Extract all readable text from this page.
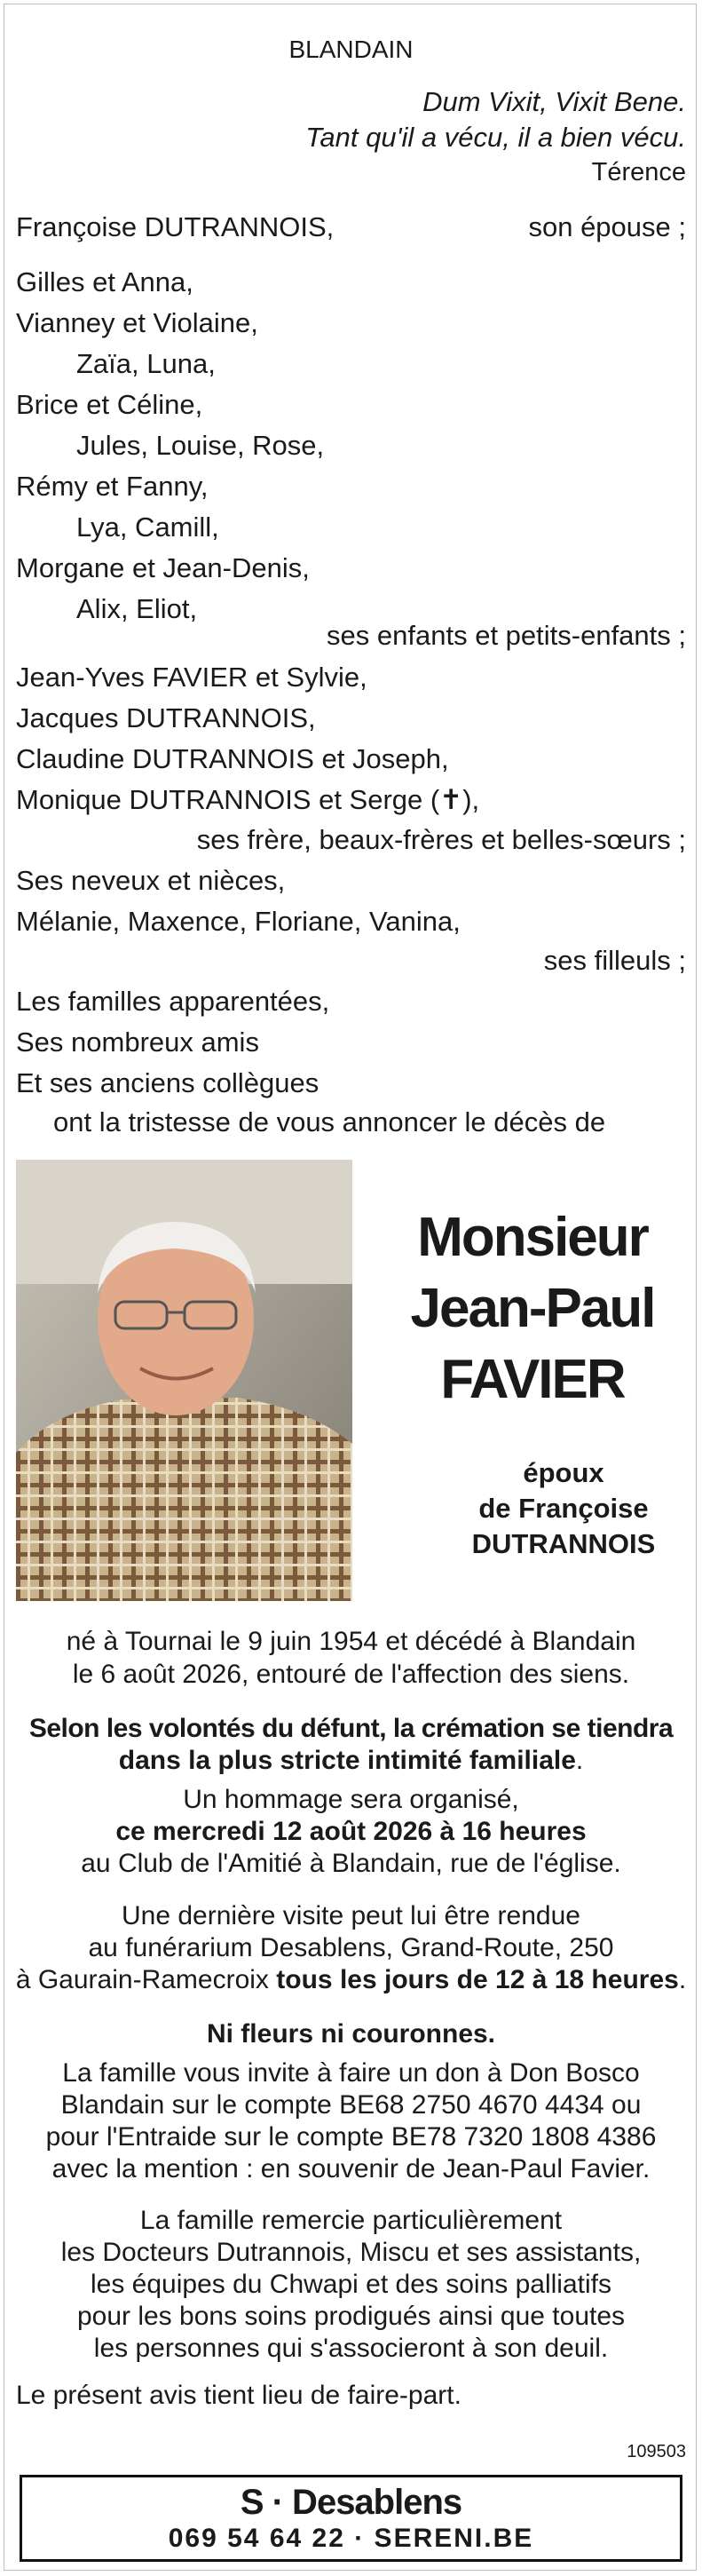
BLANDAIN
Dum Vixit, Vixit Bene.
Tant qu'il a vécu, il a bien vécu.
Térence
Françoise DUTRANNOIS,	son épouse ;
Gilles et Anna,
Vianney et Violaine,
Zaïa, Luna,
Brice et Céline,
Jules, Louise, Rose,
Rémy et Fanny,
Lya, Camill,
Morgane et Jean-Denis,
Alix, Eliot,
ses enfants et petits-enfants ;
Jean-Yves FAVIER et Sylvie,
Jacques DUTRANNOIS,
Claudine DUTRANNOIS et Joseph,
Monique DUTRANNOIS et Serge (✝),
ses frère, beaux-frères et belles-sœurs ;
Ses neveux et nièces,
Mélanie, Maxence, Floriane, Vanina,
ses filleuls ;
Les familles apparentées,
Ses nombreux amis
Et ses anciens collègues
ont la tristesse de vous annoncer le décès de
Monsieur
Jean-Paul
FAVIER
époux
de Françoise
DUTRANNOIS
né à Tournai le 9 juin 1954 et décédé à Blandain
le 6 août 2026, entouré de l'affection des siens.
Selon les volontés du défunt, la crémation se tiendra
dans la plus stricte intimité familiale.
Un hommage sera organisé,
ce mercredi 12 août 2026 à 16 heures
au Club de l'Amitié à Blandain, rue de l'église.
Une dernière visite peut lui être rendue
au funérarium Desablens, Grand-Route, 250
à Gaurain-Ramecroix tous les jours de 12 à 18 heures.
Ni fleurs ni couronnes.
La famille vous invite à faire un don à Don Bosco
Blandain sur le compte BE68 2750 4670 4434 ou
pour l'Entraide sur le compte BE78 7320 1808 4386
avec la mention : en souvenir de Jean-Paul Favier.
La famille remercie particulièrement
les Docteurs Dutrannois, Miscu et ses assistants,
les équipes du Chwapi et des soins palliatifs
pour les bons soins prodigués ainsi que toutes
les personnes qui s'associeront à son deuil.
Le présent avis tient lieu de faire-part.
109503
S · Desablens
069 54 64 22 · SERENI.BE
